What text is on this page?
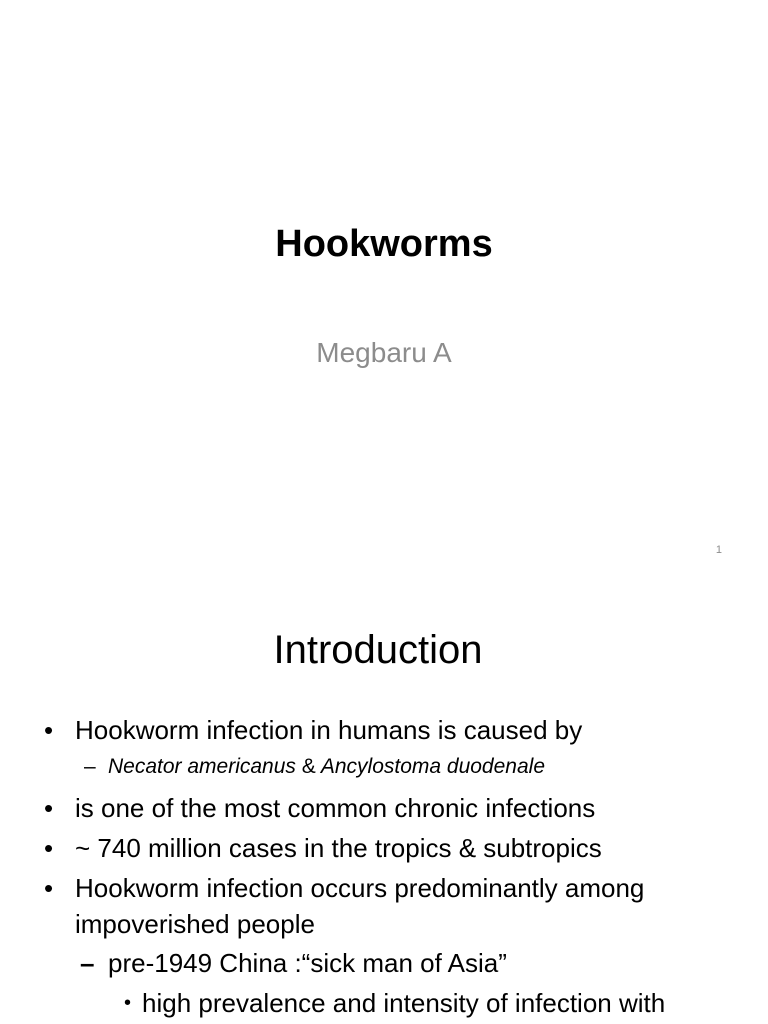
Hookworms
Megbaru A
1
Introduction
• Hookworm infection in humans is caused by
– Necator americanus & Ancylostoma duodenale
• is one of the most common chronic infections
• ~ 740 million cases in the tropics & subtropics
• Hookworm infection occurs predominantly among impoverished people
– pre-1949 China :“sick man of Asia”
• high prevalence and intensity of infection with
